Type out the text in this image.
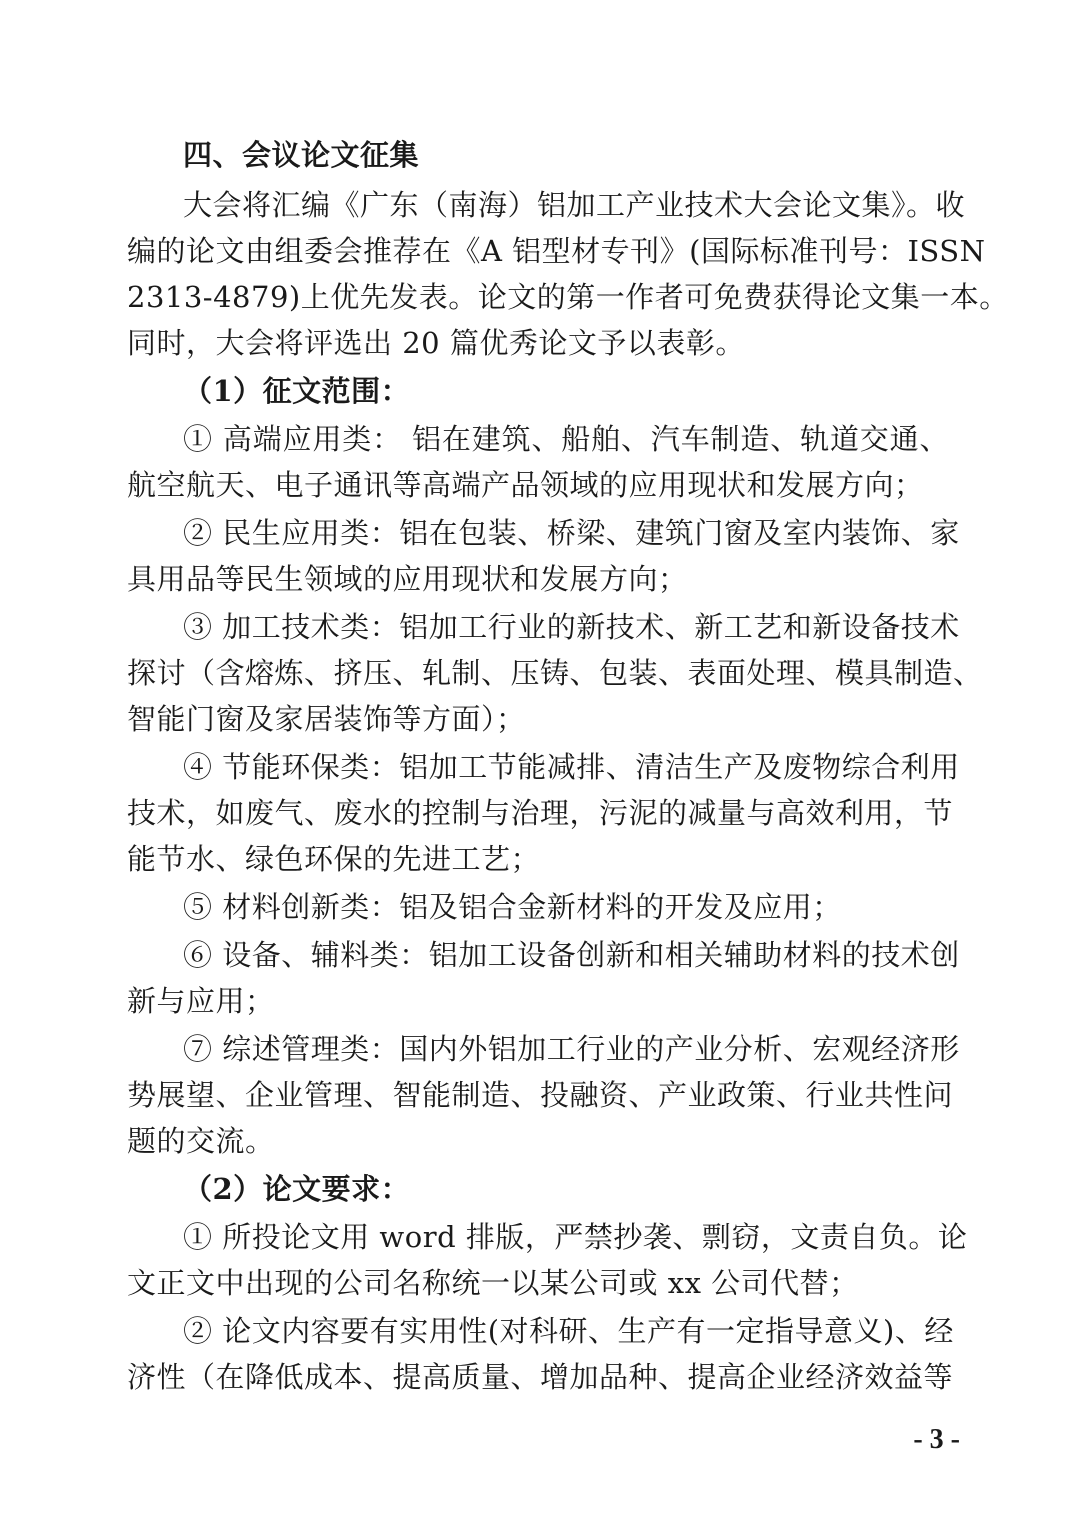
四、会议论文征集
大会将汇编《广东（南海）铝加工产业技术大会论文集》。收
编的论文由组委会推荐在《A 铝型材专刊》(国际标准刊号：ISSN
2313-4879)上优先发表。论文的第一作者可免费获得论文集一本。
同时，大会将评选出 20 篇优秀论文予以表彰。
（1）征文范围：
① 高端应用类： 铝在建筑、船舶、汽车制造、轨道交通、
航空航天、电子通讯等高端产品领域的应用现状和发展方向；
② 民生应用类：铝在包装、桥梁、建筑门窗及室内装饰、家
具用品等民生领域的应用现状和发展方向；
③ 加工技术类：铝加工行业的新技术、新工艺和新设备技术
探讨（含熔炼、挤压、轧制、压铸、包装、表面处理、模具制造、
智能门窗及家居装饰等方面）；
④ 节能环保类：铝加工节能减排、清洁生产及废物综合利用
技术，如废气、废水的控制与治理，污泥的减量与高效利用，节
能节水、绿色环保的先进工艺；
⑤ 材料创新类：铝及铝合金新材料的开发及应用；
⑥ 设备、辅料类：铝加工设备创新和相关辅助材料的技术创
新与应用；
⑦ 综述管理类：国内外铝加工行业的产业分析、宏观经济形
势展望、企业管理、智能制造、投融资、产业政策、行业共性问
题的交流。
（2）论文要求：
① 所投论文用 word 排版，严禁抄袭、剽窃，文责自负。论
文正文中出现的公司名称统一以某公司或 xx 公司代替；
② 论文内容要有实用性(对科研、生产有一定指导意义)、经
济性（在降低成本、提高质量、增加品种、提高企业经济效益等
- 3 -
